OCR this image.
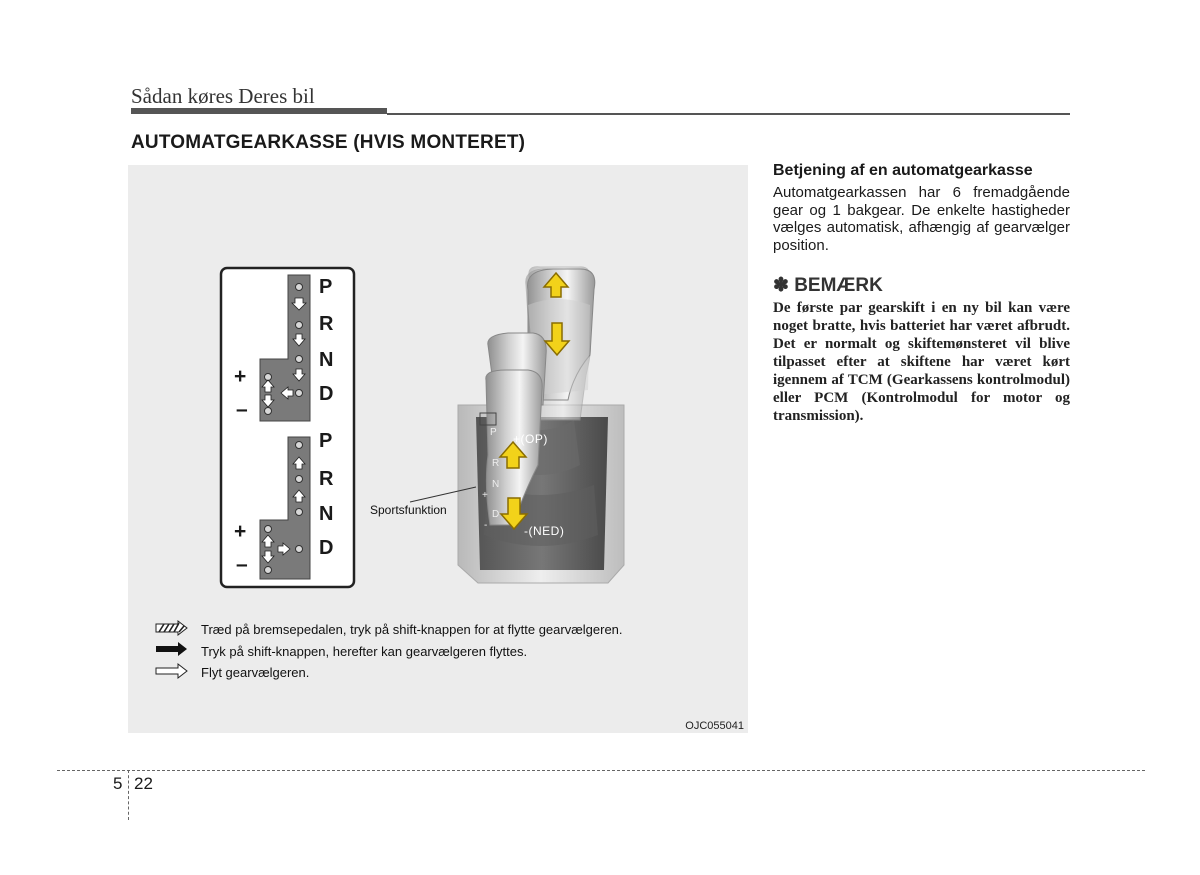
Sådan køres Deres bil
AUTOMATGEARKASSE (HVIS MONTERET)
P
R
N
D
+
–
P
R
N
D
+
–
P
R
N
D
+
-
+(OP)
-(NED)
Sportsfunktion
Træd på bremsepedalen, tryk på shift-knappen for at flytte gearvælgeren.
Tryk på shift-knappen, herefter kan gearvælgeren flyttes.
Flyt gearvælgeren.
OJC055041

Betjening af en automatgearkasse

Automatgearkassen har 6 fremadgående gear og 1 bakgear. De enkelte hastigheder vælges automatisk, afhængig af gearvælger position.

✽ BEMÆRK

De første par gearskift i en ny bil kan være noget bratte, hvis batteriet har været afbrudt. Det er normalt og skiftemønsteret vil blive tilpasset efter at skiftene har været kørt igennem af TCM (Gearkassens kontrolmodul) eller PCM (Kontrolmodul for motor og transmission).

5 22
